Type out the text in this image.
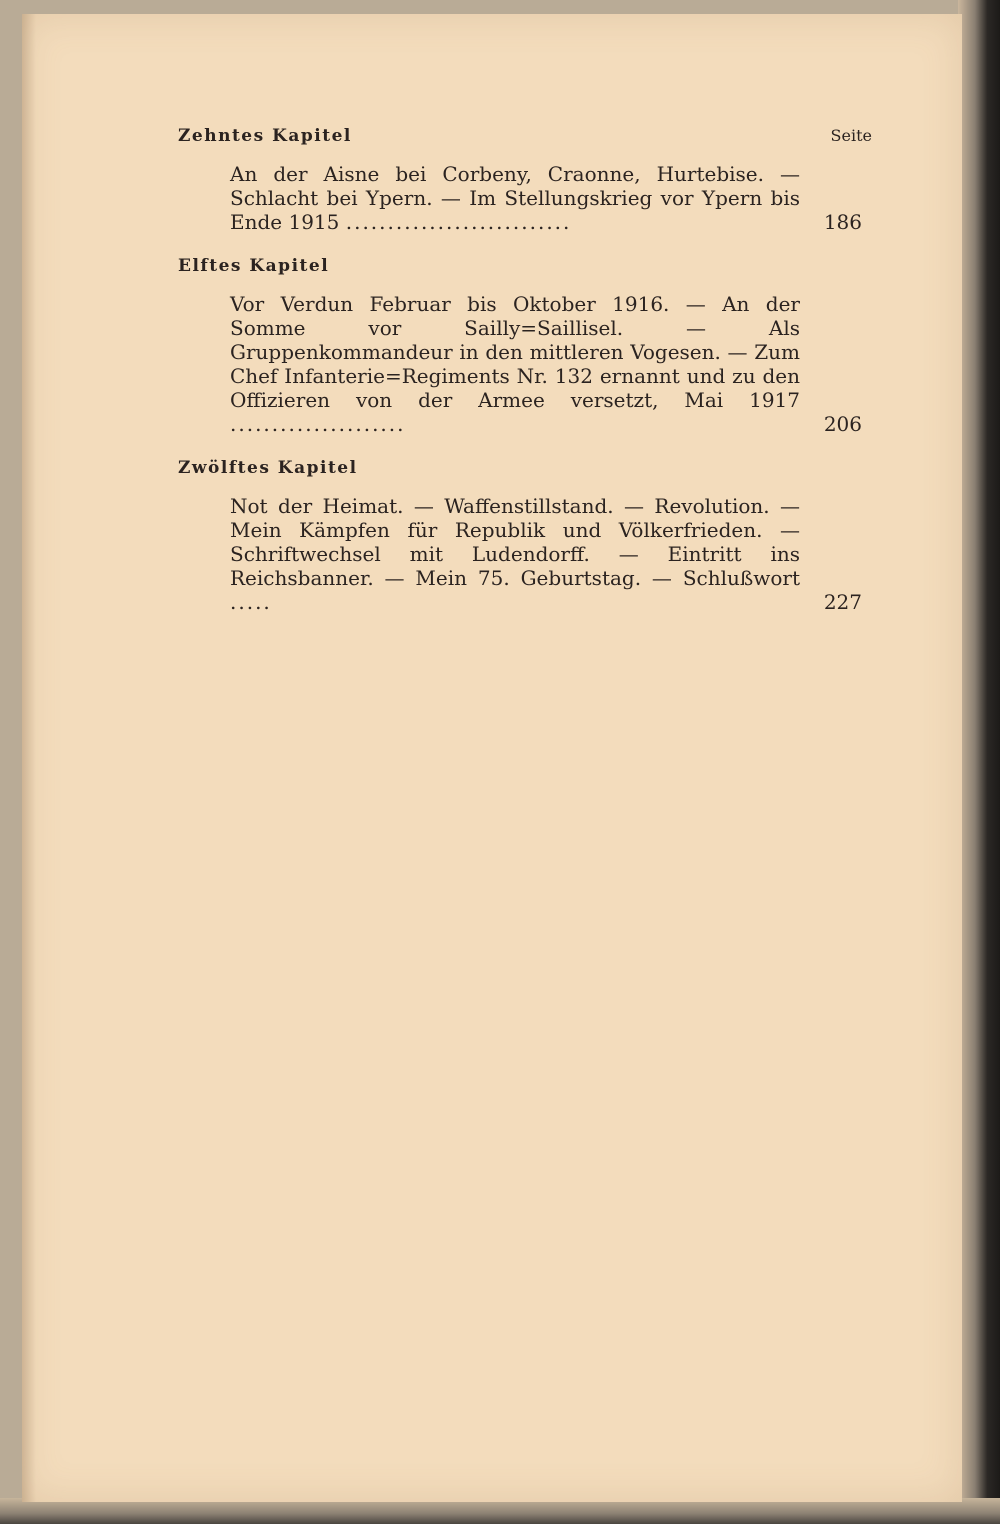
Zehntes Kapitel	Seite
An der Aisne bei Corbeny, Craonne, Hurtebise. — Schlacht bei Ypern. — Im Stellungskrieg vor Ypern bis Ende 1915 ...........................	186
Elftes Kapitel
Vor Verdun Februar bis Oktober 1916. — An der Somme vor Sailly=Saillisel. — Als Gruppenkommandeur in den mittleren Vogesen. — Zum Chef Infanterie=Regiments Nr. 132 ernannt und zu den Offizieren von der Armee versetzt, Mai 1917 .....................	206
Zwölftes Kapitel
Not der Heimat. — Waffenstillstand. — Revolution. — Mein Kämpfen für Republik und Völkerfrieden. — Schriftwechsel mit Ludendorff. — Eintritt ins Reichsbanner. — Mein 75. Geburtstag. — Schlußwort .....	227
